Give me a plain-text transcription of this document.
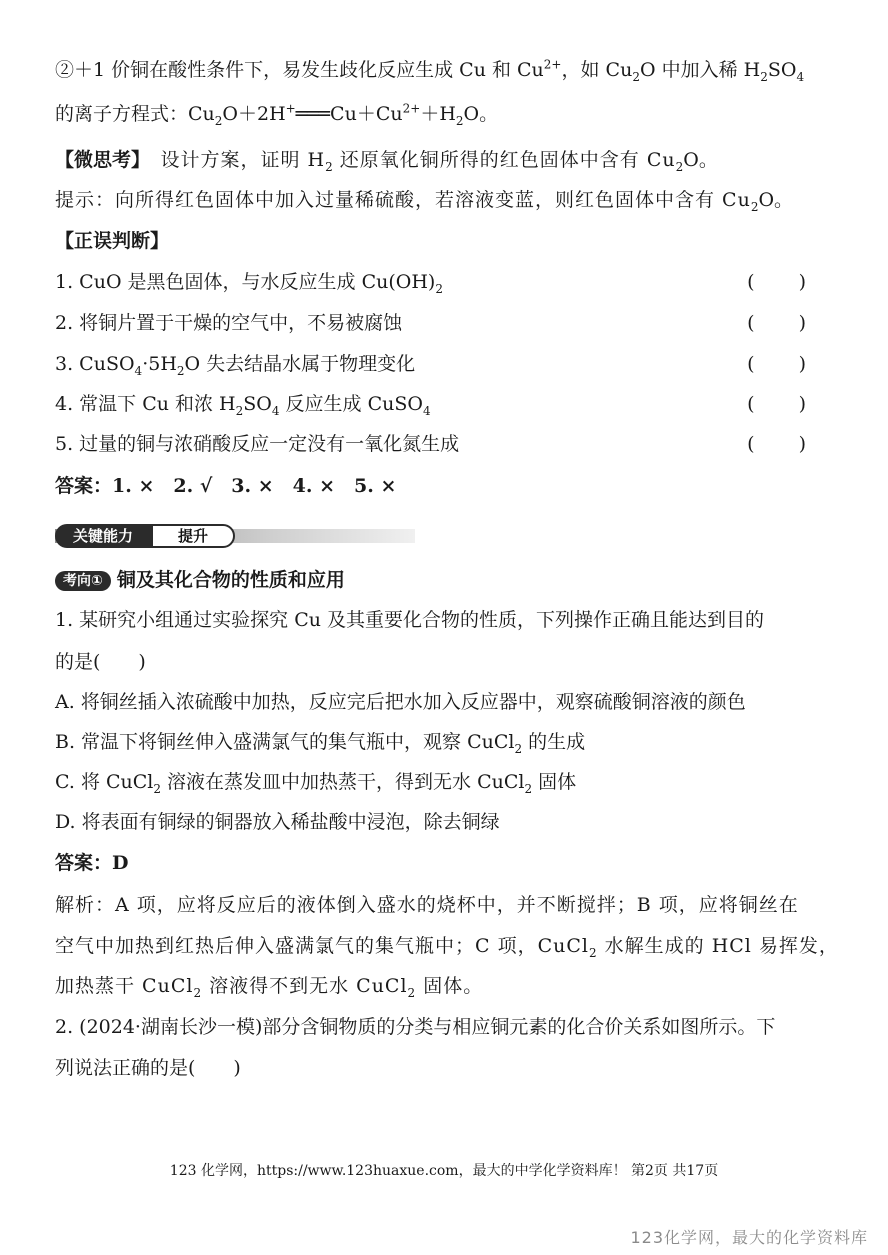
②＋1 价铜在酸性条件下，易发生歧化反应生成 Cu 和 $Cu^{2+}$，如 $Cu_2O$ 中加入稀 $H_2SO_4$
的离子方程式：$Cu_2O+2H^+═══Cu+Cu^{2+}+H_2O$。
【微思考】　设计方案，证明 $H_2$ 还原氧化铜所得的红色固体中含有 $Cu_2O$。
提示：向所得红色固体中加入过量稀硫酸，若溶液变蓝，则红色固体中含有 $Cu_2O$。
【正误判断】
1. CuO 是黑色固体，与水反应生成 $Cu(OH)_2$	(　　)
2. 将铜片置于干燥的空气中，不易被腐蚀	(　　)
3. $CuSO_4\cdot 5H_2O$ 失去结晶水属于物理变化	(　　)
4. 常温下 Cu 和浓 $H_2SO_4$ 反应生成 CuSO$_4$	(　　)
5. 过量的铜与浓硝酸反应一定没有一氧化氮生成	(　　)
答案：1. ×　2. √　3. ×　4. ×　5. ×
关键能力	提升
考向① 铜及其化合物的性质和应用
1. 某研究小组通过实验探究 Cu 及其重要化合物的性质，下列操作正确且能达到目的
的是(　　)
A. 将铜丝插入浓硫酸中加热，反应完后把水加入反应器中，观察硫酸铜溶液的颜色
B. 常温下将铜丝伸入盛满氯气的集气瓶中，观察 CuCl$_2$ 的生成
C. 将 CuCl$_2$ 溶液在蒸发皿中加热蒸干，得到无水 CuCl$_2$ 固体
D. 将表面有铜绿的铜器放入稀盐酸中浸泡，除去铜绿
答案：D
解析：A 项，应将反应后的液体倒入盛水的烧杯中，并不断搅拌；B 项，应将铜丝在
空气中加热到红热后伸入盛满氯气的集气瓶中；C 项，CuCl$_2$ 水解生成的 HCl 易挥发，
加热蒸干 CuCl$_2$ 溶液得不到无水 CuCl$_2$ 固体。
2. (2024·湖南长沙一模)部分含铜物质的分类与相应铜元素的化合价关系如图所示。下
列说法正确的是(　　)
123 化学网，https://www.123huaxue.com，最大的中学化学资料库！ 第2页 共17页
123化学网，最大的化学资料库
